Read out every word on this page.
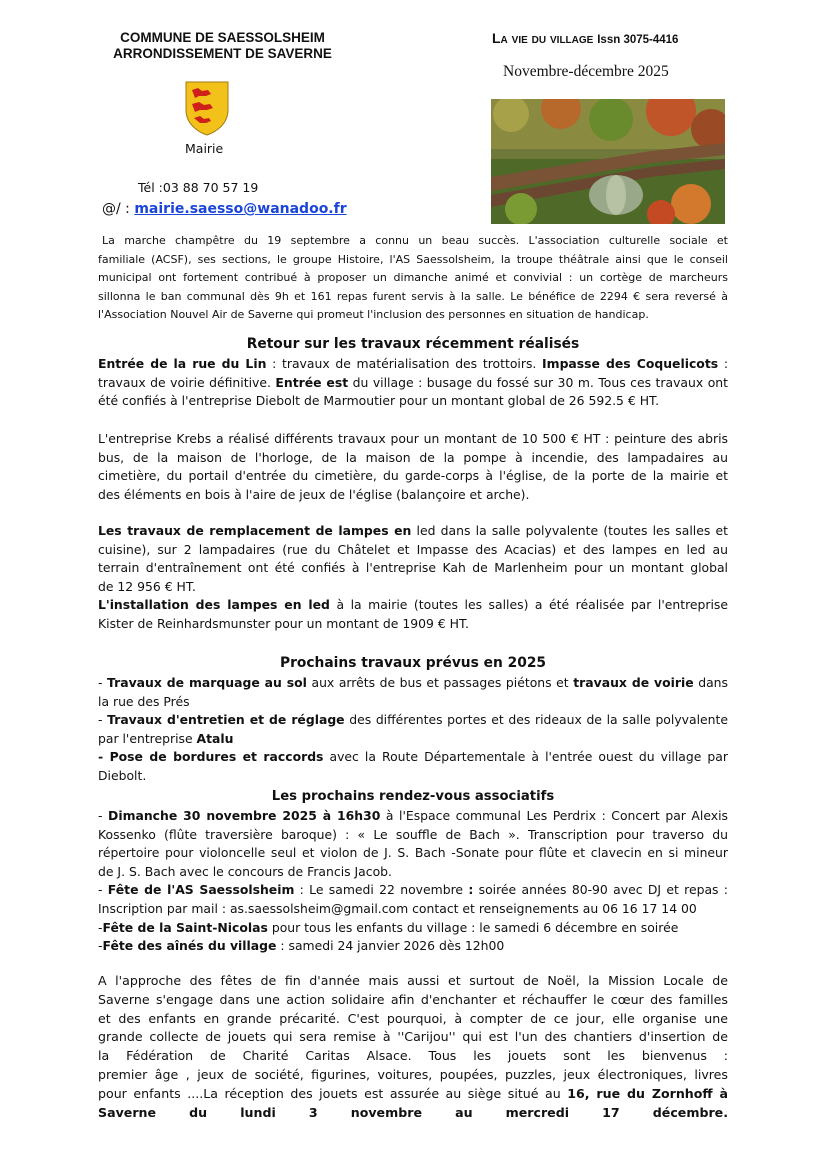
COMMUNE DE SAESSOLSHEIM
ARRONDISSEMENT DE SAVERNE
La vie du village Issn 3075-4416
Novembre-décembre 2025
Mairie
Tél :03 88 70 57 19
@/ : mairie.saesso@wanadoo.fr
La marche champêtre du 19 septembre a connu un beau succès. L'association culturelle sociale et
familiale (ACSF), ses sections, le groupe Histoire, l'AS Saessolsheim, la troupe théâtrale ainsi que le conseil
municipal ont fortement contribué à proposer un dimanche animé et convivial : un cortège de marcheurs
sillonna le ban communal dès 9h et 161 repas furent servis à la salle. Le bénéfice de 2294 € sera reversé à
l'Association Nouvel Air de Saverne qui promeut l'inclusion des personnes en situation de handicap.
Retour sur les travaux récemment réalisés
Entrée de la rue du Lin : travaux de matérialisation des trottoirs. Impasse des Coquelicots :
travaux de voirie définitive. Entrée est du village : busage du fossé sur 30 m. Tous ces travaux ont
été confiés à l'entreprise Diebolt de Marmoutier pour un montant global de 26 592.5 € HT.
L'entreprise Krebs a réalisé différents travaux pour un montant de 10 500 € HT : peinture des abris
bus, de la maison de l'horloge, de la maison de la pompe à incendie, des lampadaires au
cimetière, du portail d'entrée du cimetière, du garde-corps à l'église, de la porte de la mairie et
des éléments en bois à l'aire de jeux de l'église (balançoire et arche).
Les travaux de remplacement de lampes en led dans la salle polyvalente (toutes les salles et
cuisine), sur 2 lampadaires (rue du Châtelet et Impasse des Acacias) et des lampes en led au
terrain d'entraînement ont été confiés à l'entreprise Kah de Marlenheim pour un montant global
de 12 956 € HT.
L'installation des lampes en led à la mairie (toutes les salles) a été réalisée par l'entreprise
Kister de Reinhardsmunster pour un montant de 1909 € HT.
Prochains travaux prévus en 2025
- Travaux de marquage au sol aux arrêts de bus et passages piétons et travaux de voirie dans
la rue des Prés
- Travaux d'entretien et de réglage des différentes portes et des rideaux de la salle polyvalente
par l'entreprise Atalu
- Pose de bordures et raccords avec la Route Départementale à l'entrée ouest du village par
Diebolt.
Les prochains rendez-vous associatifs
- Dimanche 30 novembre 2025 à 16h30 à l'Espace communal Les Perdrix : Concert par Alexis
Kossenko (flûte traversière baroque) : « Le souffle de Bach ». Transcription pour traverso du
répertoire pour violoncelle seul et violon de J. S. Bach -Sonate pour flûte et clavecin en si mineur
de J. S. Bach avec le concours de Francis Jacob.
- Fête de l'AS Saessolsheim : Le samedi 22 novembre : soirée années 80-90 avec DJ et repas :
Inscription par mail : as.saessolsheim@gmail.com contact et renseignements au 06 16 17 14 00
-Fête de la Saint-Nicolas pour tous les enfants du village : le samedi 6 décembre en soirée
-Fête des aînés du village : samedi 24 janvier 2026 dès 12h00
A l'approche des fêtes de fin d'année mais aussi et surtout de Noël, la Mission Locale de
Saverne s'engage dans une action solidaire afin d'enchanter et réchauffer le cœur des familles
et des enfants en grande précarité. C'est pourquoi, à compter de ce jour, elle organise une
grande collecte de jouets qui sera remise à ''Carijou'' qui est l'un des chantiers d'insertion de
la Fédération de Charité Caritas Alsace. Tous les jouets sont les bienvenus :
premier âge , jeux de société, figurines, voitures, poupées, puzzles, jeux électroniques, livres
pour enfants ....La réception des jouets est assurée au siège situé au 16, rue du Zornhoff à
Saverne du lundi 3 novembre au mercredi 17 décembre.
